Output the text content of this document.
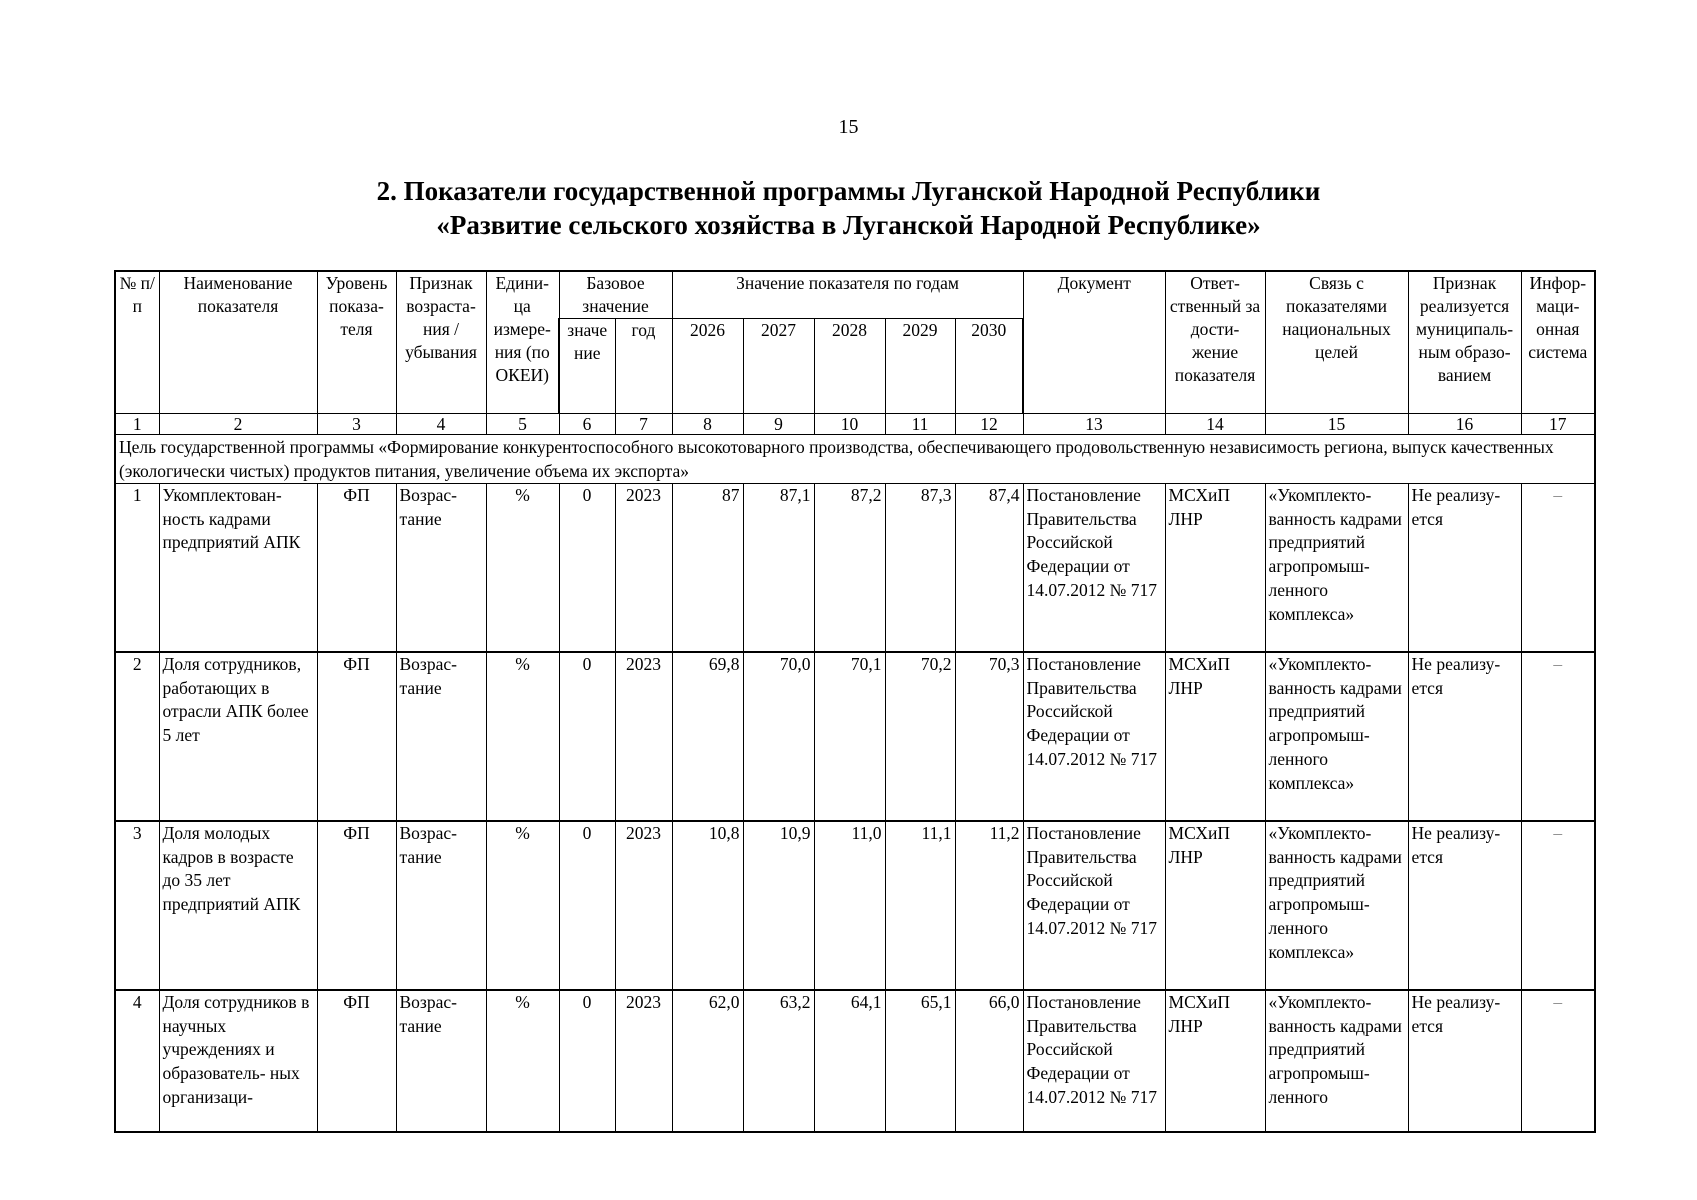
15
2. Показатели государственной программы Луганской Народной Республики
«Развитие сельского хозяйства в Луганской Народной Республике»
№ п/п	Наименование показателя	Уровень показа- теля	Признак возраста- ния / убывания	Едини- ца измере- ния (по ОКЕИ)	Базовое значение		Значение показателя по годам					Документ	Ответ- ственный за дости- жение показателя	Связь с показателями национальных целей	Признак реализуется муниципаль- ным образо- ванием	Инфор- маци- онная система
					значе ние	год	2026	2027	2028	2029	2030					
1	2	3	4	5	6	7	8	9	10	11	12	13	14	15	16	17
Цель государственной программы «Формирование конкурентоспособного высокотоварного производства, обеспечивающего продовольственную независимость региона, выпуск качественных (экологически чистых) продуктов питания, увеличение объема их экспорта»																
1	Укомплектован- ность кадрами предприятий АПК	ФП	Возрас- тание	%	0	2023	87	87,1	87,2	87,3	87,4	Постановление Правительства Российской Федерации от 14.07.2012 № 717	МСХиП ЛНР	«Укомплекто- ванность кадрами предприятий агропромыш- ленного комплекса»	Не реализу- ется	–
2	Доля сотрудников, работающих в отрасли АПК более 5 лет	ФП	Возрас- тание	%	0	2023	69,8	70,0	70,1	70,2	70,3	Постановление Правительства Российской Федерации от 14.07.2012 № 717	МСХиП ЛНР	«Укомплекто- ванность кадрами предприятий агропромыш- ленного комплекса»	Не реализу- ется	–
3	Доля молодых кадров в возрасте до 35 лет предприятий АПК	ФП	Возрас- тание	%	0	2023	10,8	10,9	11,0	11,1	11,2	Постановление Правительства Российской Федерации от 14.07.2012 № 717	МСХиП ЛНР	«Укомплекто- ванность кадрами предприятий агропромыш- ленного комплекса»	Не реализу- ется	–
4	Доля сотрудников в научных учреждениях и образователь- ных организаци-	ФП	Возрас- тание	%	0	2023	62,0	63,2	64,1	65,1	66,0	Постановление Правительства Российской Федерации от 14.07.2012 № 717	МСХиП ЛНР	«Укомплекто- ванность кадрами предприятий агропромыш- ленного	Не реализу- ется	–
